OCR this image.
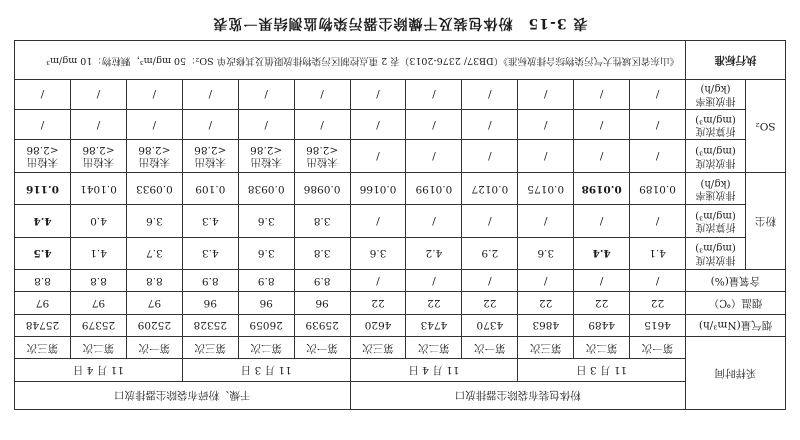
表 3-15　粉体包装及干燥除尘器污染物监测结果一览表
采样时间		粉体包装布袋除尘器排放口						干燥、粉碎布袋除尘器排放口					
		11 月 3 日			11 月 4 日			11 月 3 日			11 月 4 日		
		第一次	第二次	第三次	第一次	第二次	第三次	第一次	第二次	第三次	第一次	第二次	第三次
烟气量(Nm³/h)		4615	4489	4863	4370	4743	4620	25939	26059	25328	25209	25379	25748
烟温（℃）		22	22	22	22	22	22	96	96	96	97	97	97
含氧量(%)		/	/	/	/	/	/	8.9	8.9	8.9	8.8	8.8	8.8
粉尘	排放浓度(mg/m³)	4.1	4.4	3.6	2.9	4.2	3.6	3.8	3.6	4.3	3.7	4.1	4.5
	折算浓度(mg/m³)	/	/	/	/	/	/	3.8	3.6	4.3	3.6	4.0	4.4
	排放速率(kg/h)	0.0189	0.0198	0.0175	0.0127	0.0199	0.0166	0.0986	0.0938	0.109	0.0933	0.1041	0.116
SO₂	排放浓度(mg/m³)	/	/	/	/	/	/	未检出 <2.86	未检出 <2.86	未检出 <2.86	未检出 <2.86	未检出 <2.86	未检出 <2.86
	折算浓度(mg/m³)	/	/	/	/	/	/	/	/	/	/	/	/
	排放速率(kg/h)	/	/	/	/	/	/	/	/	/	/	/	/
执行标准		《山东省区域性大气污染物综合排放标准》（DB37/ 2376-2013）表 2 重点控制区污染物排放限值及其修改单 SO₂：50 mg/m³，颗粒物：10 mg/m³											
